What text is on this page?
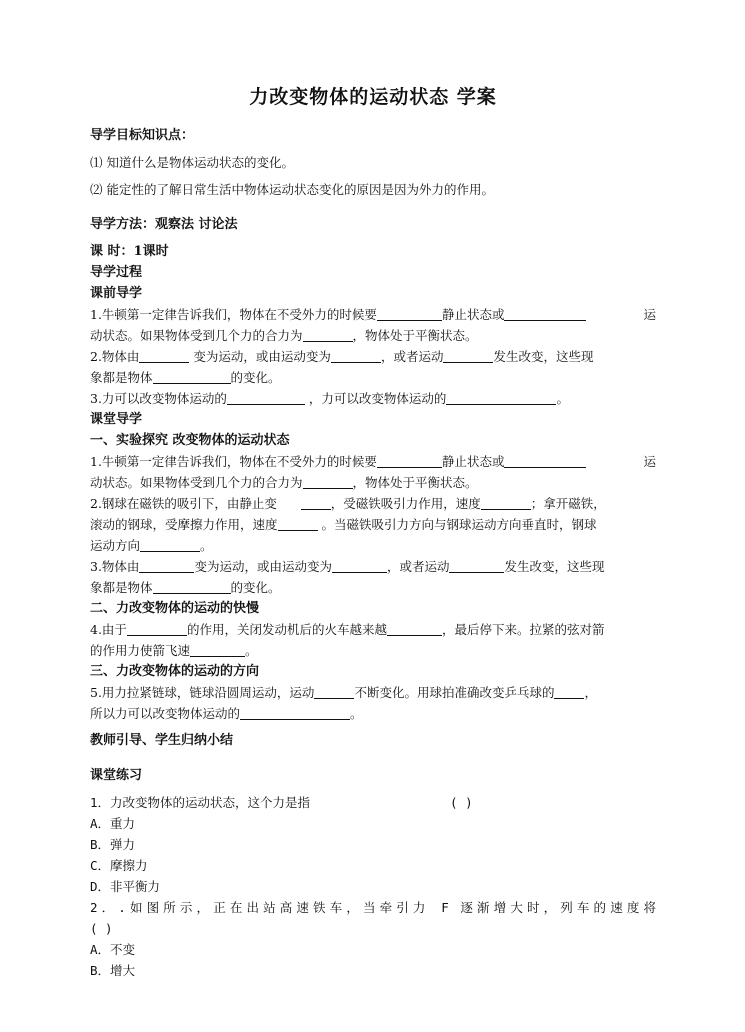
力改变物体的运动状态 学案

导学目标知识点：

⑴ 知道什么是物体运动状态的变化。

⑵ 能定性的了解日常生活中物体运动状态变化的原因是因为外力的作用。

导学方法：观察法 讨论法

课 时：1课时

导学过程

课前导学

1.牛顿第一定律告诉我们，物体在不受外力的时候要	静止状态或	运

动状态。如果物体受到几个力的合力为	，物体处于平衡状态。

2.物体由	变为运动，或由运动变为	，或者运动	发生改变，这些现

象都是物体	的变化。

3.力可以改变物体运动的	，力可以改变物体运动的	。

课堂导学

一、实验探究 改变物体的运动状态

1.牛顿第一定律告诉我们，物体在不受外力的时候要	静止状态或	运

动状态。如果物体受到几个力的合力为	，物体处于平衡状态。

2.钢球在磁铁的吸引下，由静止变	，受磁铁吸引力作用，速度	；拿开磁铁，

滚动的钢球，受摩擦力作用，速度	。当磁铁吸引力方向与钢球运动方向垂直时，钢球

运动方向	。

3.物体由	变为运动，或由运动变为	，或者运动	发生改变，这些现

象都是物体	的变化。

二、力改变物体的运动的快慢

4.由于	的作用，关闭发动机后的火车越来越	，最后停下来。拉紧的弦对箭

的作用力使箭飞速	。

三、力改变物体的运动的方向

5.用力拉紧链球，链球沿圆周运动，运动	不断变化。用球拍准确改变乒乓球的 ，

所以力可以改变物体运动的	。

教师引导、学生归纳小结

课堂练习

1．力改变物体的运动状态，这个力是指	( )

A．重力

B．弹力

C．摩擦力

D．非平衡力

2．.如图所示，正在出站高速铁车，当牵引力 F 逐渐增大时，列车的速度将

( )

A．不变

B．增大
